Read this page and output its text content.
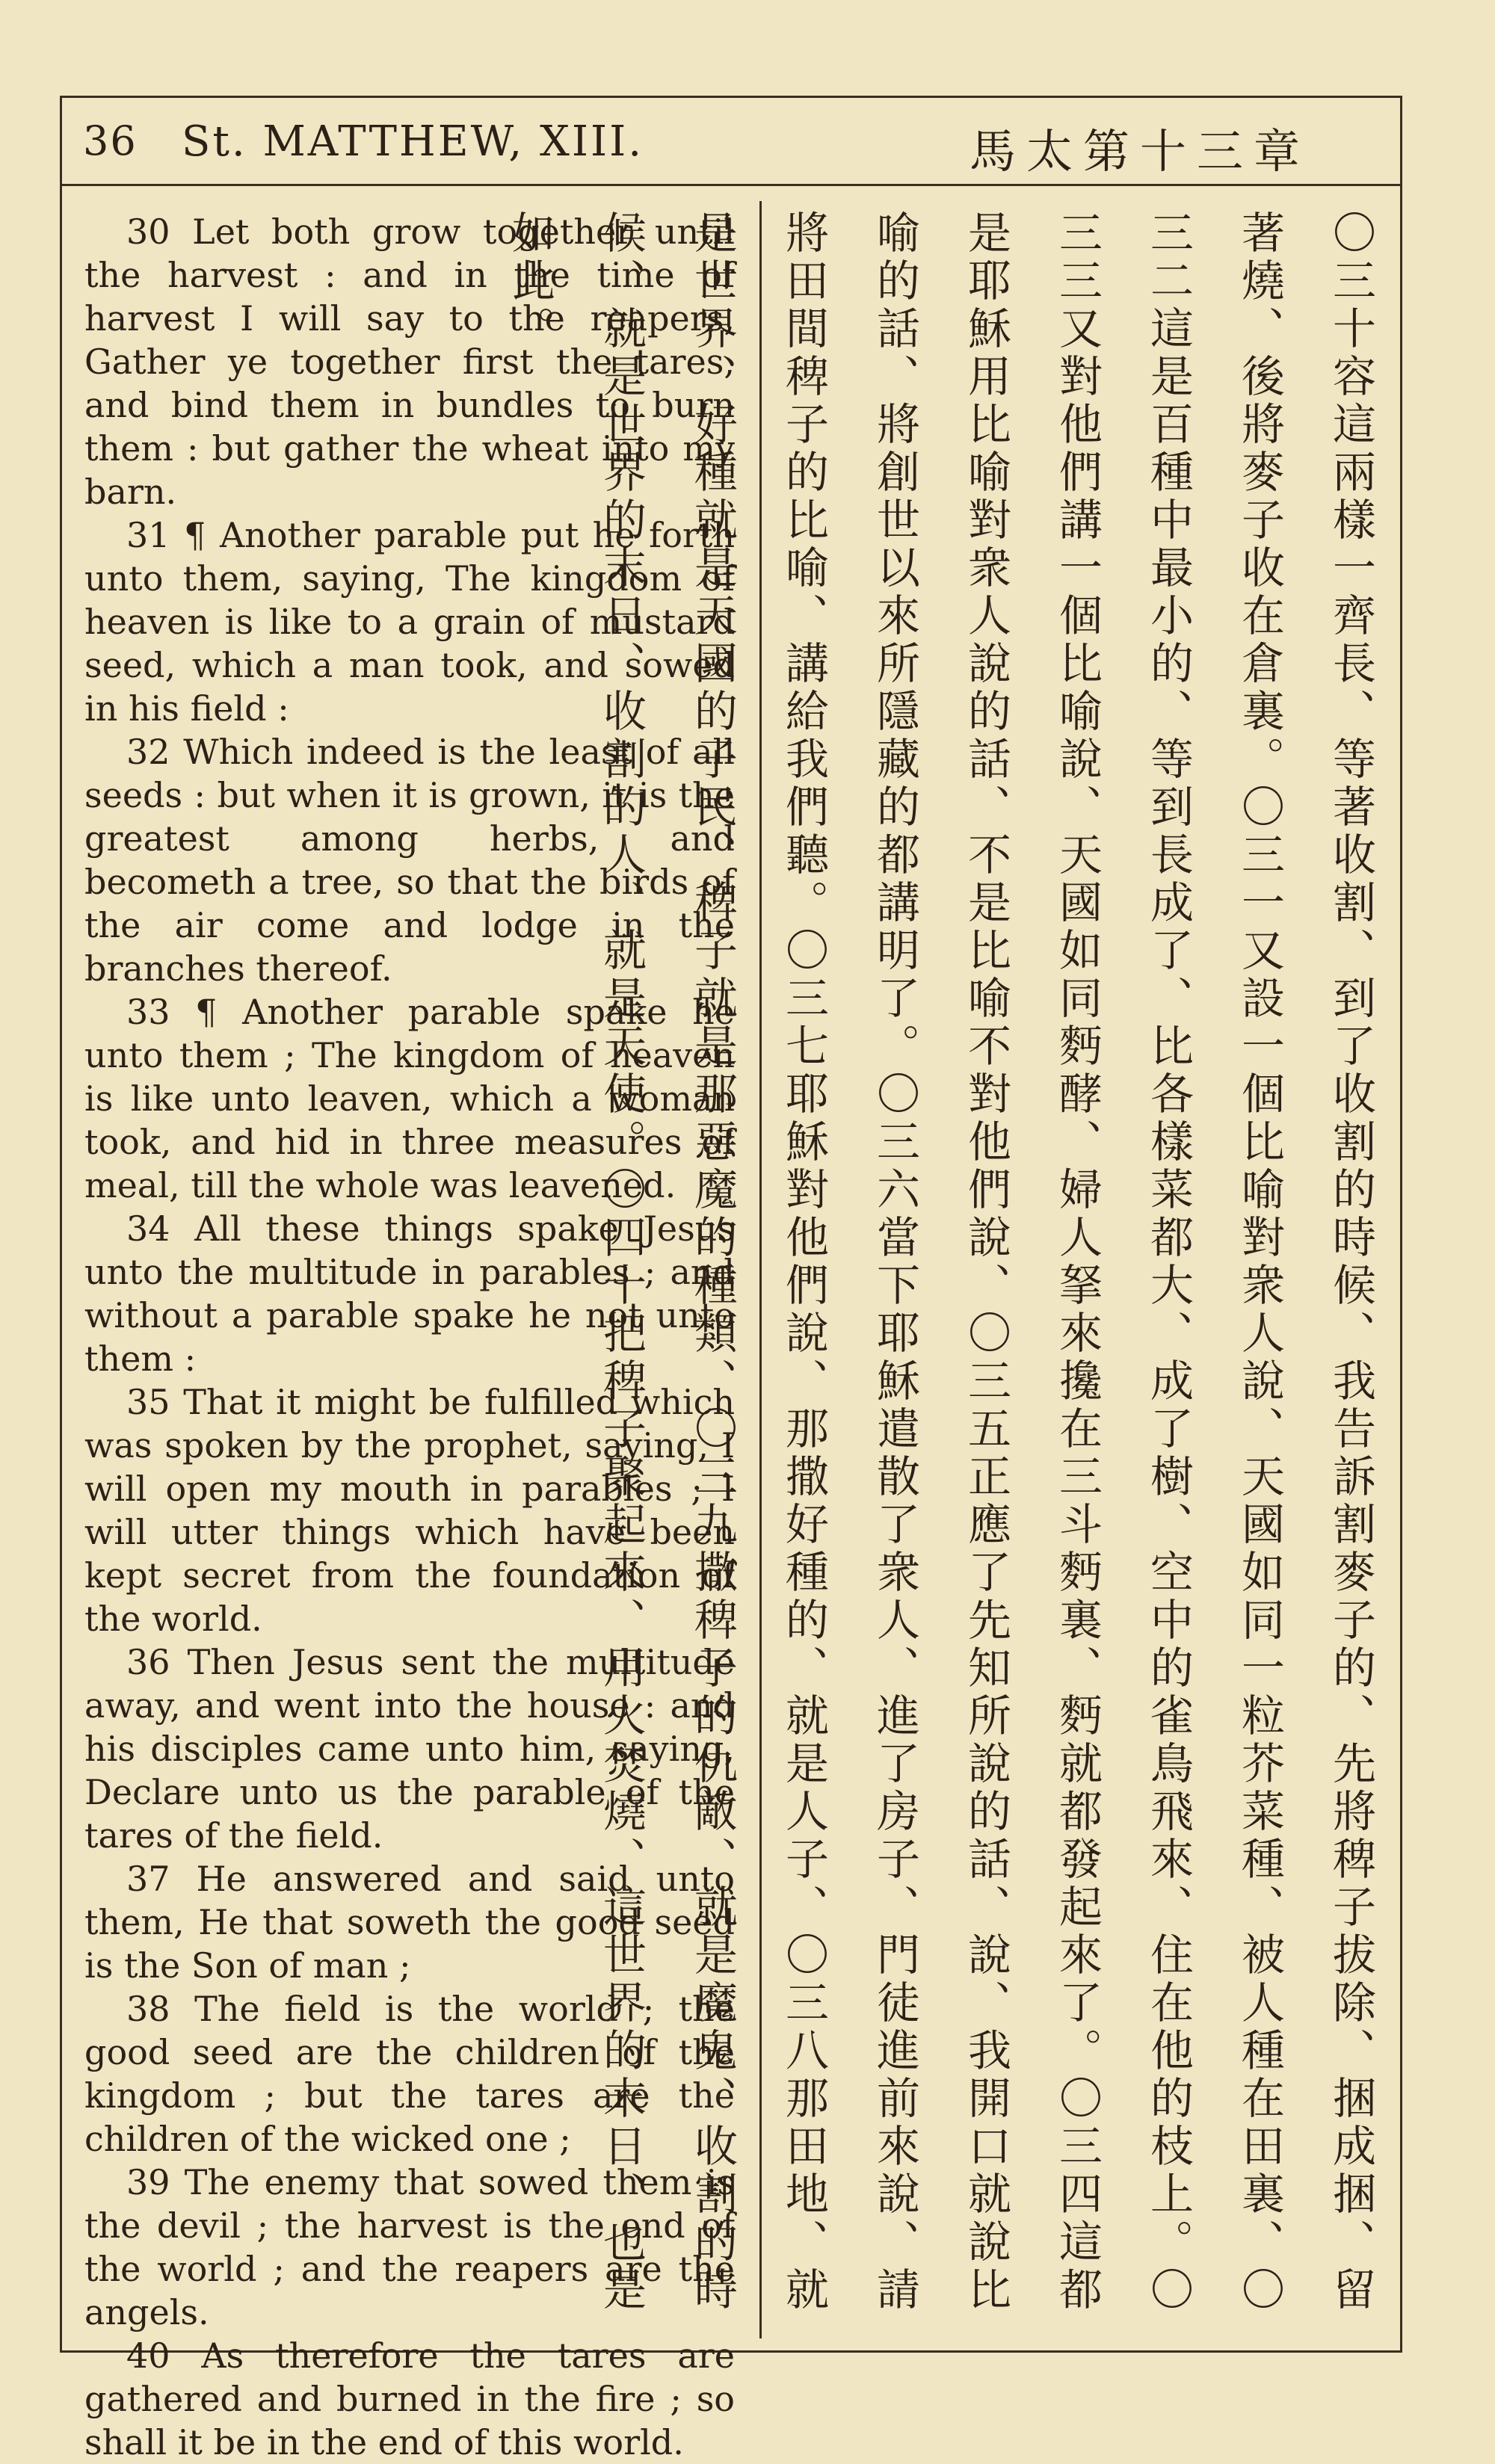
36 St. MATTHEW, XIII.	馬太第十三章

30 Let both grow together until the harvest : and in the time of harvest I will say to the reapers, Gather ye together first the tares, and bind them in bundles to burn them : but gather the wheat into my barn.

31 ¶ Another parable put he forth unto them, saying, The kingdom of heaven is like to a grain of mustard seed, which a man took, and sowed in his field :

32 Which indeed is the least of all seeds : but when it is grown, it is the greatest among herbs, and becometh a tree, so that the birds of the air come and lodge in the branches thereof.

33 ¶ Another parable spake he unto them ; The kingdom of heaven is like unto leaven, which a woman took, and hid in three measures of meal, till the whole was leavened.

34 All these things spake Jesus unto the multitude in parables ; and without a parable spake he not unto them :

35 That it might be fulfilled which was spoken by the prophet, saying, I will open my mouth in parables ; I will utter things which have been kept secret from the foundation of the world.

36 Then Jesus sent the multitude away, and went into the house : and his disciples came unto him, saying, Declare unto us the parable of the tares of the field.

37 He answered and said unto them, He that soweth the good seed is the Son of man ;

38 The field is the world ; the good seed are the children of the kingdom ; but the tares are the children of the wicked one ;

39 The enemy that sowed them is the devil ; the harvest is the end of the world ; and the reapers are the angels.

40 As therefore the tares are gathered and burned in the fire ; so shall it be in the end of this world.

〇三十容這兩樣一齊長、等著收割、到了收割的時候、我告訴割麥子的、先將稗子拔除、捆成捆、留著燒、後將麥子收在倉裏。〇三一又設一個比喻對衆人說、天國如同一粒芥菜種、被人種在田裏、〇三二這是百種中最小的、等到長成了、比各樣菜都大、成了樹、空中的雀鳥飛來、住在他的枝上。〇三三又對他們講一個比喻說、天國如同麪酵、婦人拏來攙在三斗麪裏、麪就都發起來了。〇三四這都是耶穌用比喻對衆人說的話、不是比喻不對他們說、〇三五正應了先知所說的話、說、我開口就說比喻的話、將創世以來所隱藏的都講明了。〇三六當下耶穌遣散了衆人、進了房子、門徒進前來說、請將田間稗子的比喻、講給我們聽。〇三七耶穌對他們說、那撒好種的、就是人子、〇三八那田地、就是世界、好種就是天國的子民、稗子就是那惡魔的種類、〇三九撒稗子的仇敵、就是魔鬼、收割的時候、就是世界的末日、收割的人、就是天使。〇四十把稗子聚起來、用火焚燒、這世界的末日、也是如此。
